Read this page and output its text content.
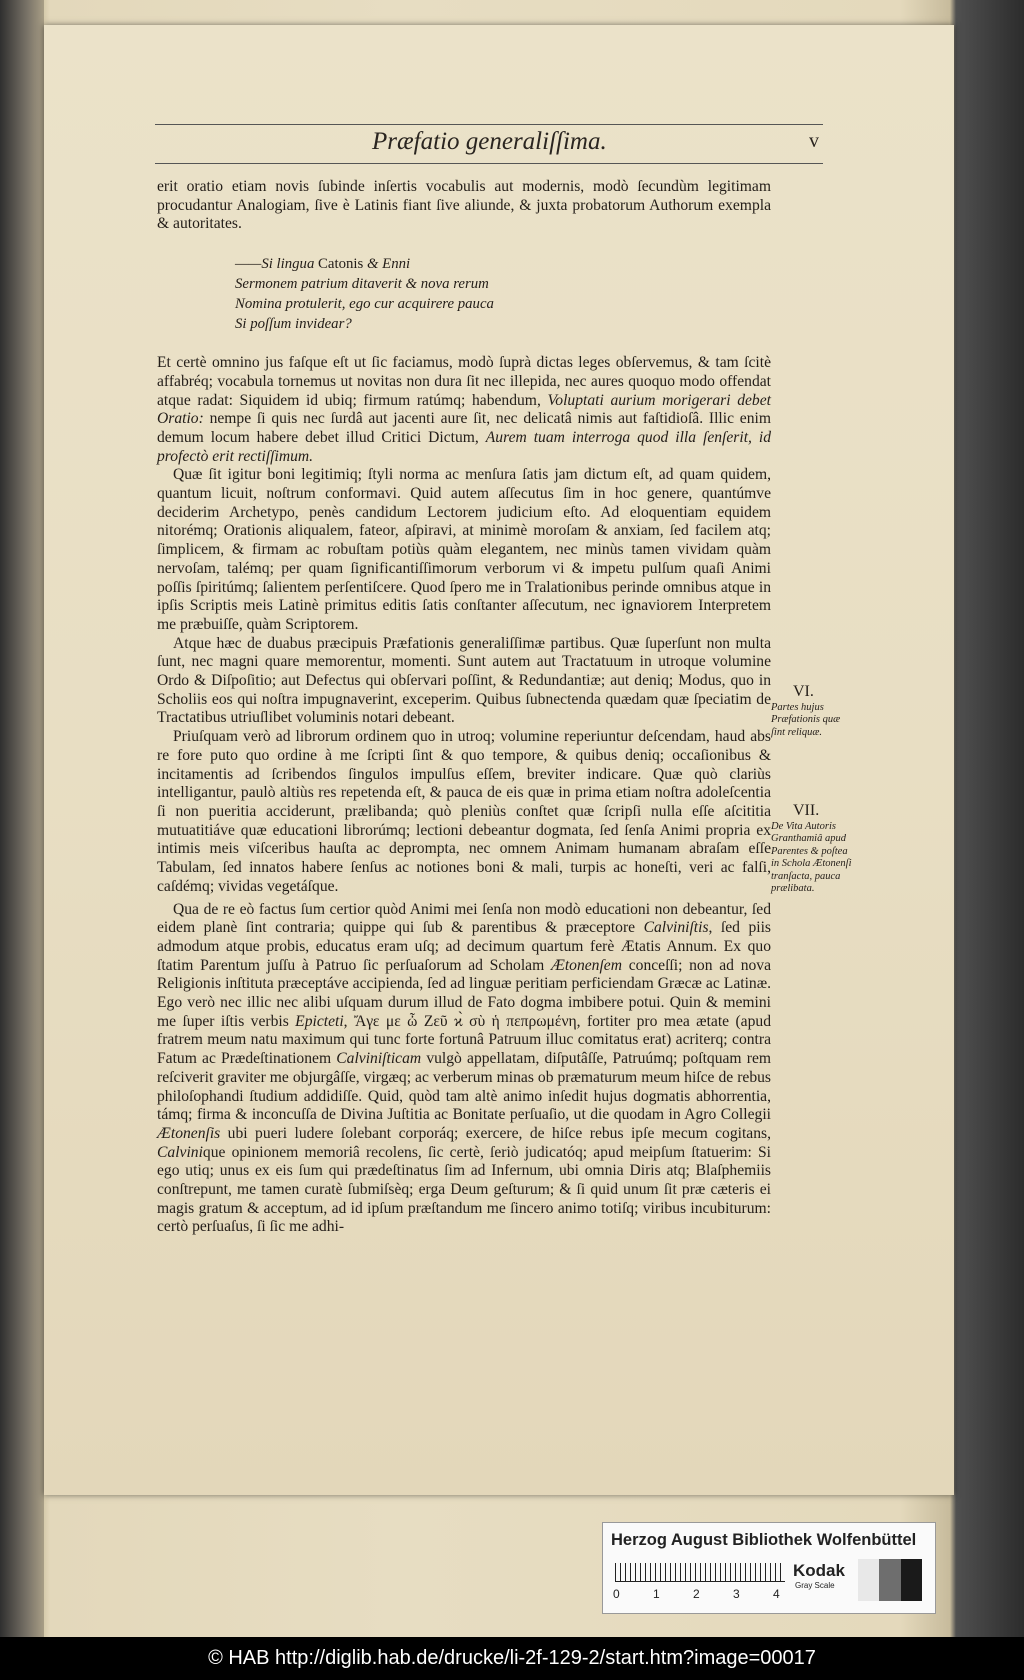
Præfatio generaliſſima.	v

erit oratio etiam novis ſubinde inſertis vocabulis aut modernis, modò ſecundùm legitimam procudantur Analogiam, ſive è Latinis fiant ſive aliunde, & juxta probatorum Authorum exempla & autoritates.

——Si lingua Catonis & Enni
Sermonem patrium ditaverit & nova rerum
Nomina protulerit, ego cur acquirere pauca
Si poſſum invidear?

Et certè omnino jus faſque eſt ut ſic faciamus, modò ſuprà dictas leges obſervemus, & tam ſcitè affabréq; vocabula tornemus ut novitas non dura ſit nec illepida, nec aures quoquo modo offendat atque radat: Siquidem id ubiq; firmum ratúmq; habendum, Voluptati aurium morigerari debet Oratio: nempe ſi quis nec ſurdâ aut jacenti aure ſit, nec delicatâ nimis aut faſtidioſâ. Illic enim demum locum habere debet illud Critici Dictum, Aurem tuam interroga quod illa ſenſerit, id profectò erit rectiſſimum.

Quæ ſit igitur boni legitimiq; ſtyli norma ac menſura ſatis jam dictum eſt, ad quam quidem, quantum licuit, noſtrum conformavi. Quid autem aſſecutus ſim in hoc genere, quantúmve deciderim Archetypo, penès candidum Lectorem judicium eſto. Ad eloquentiam equidem nitorémq; Orationis aliqualem, fateor, aſpiravi, at minimè moroſam & anxiam, ſed facilem atq; ſimplicem, & firmam ac robuſtam potiùs quàm elegantem, nec minùs tamen vividam quàm nervoſam, talémq; per quam ſignificantiſſimorum verborum vi & impetu pulſum quaſi Animi poſſis ſpiritúmq; ſalientem perſentiſcere. Quod ſpero me in Tralationibus perinde omnibus atque in ipſis Scriptis meis Latinè primitus editis ſatis conſtanter aſſecutum, nec ignaviorem Interpretem me præbuiſſe, quàm Scriptorem.

Atque hæc de duabus præcipuis Præfationis generaliſſimæ partibus. Quæ ſuperſunt non multa ſunt, nec magni quare memorentur, momenti. Sunt autem aut Tractatuum in utroque volumine Ordo & Diſpoſitio; aut Defectus qui obſervari poſſint, & Redundantiæ; aut deniq; Modus, quo in Scholiis eos qui noſtra impugnaverint, exceperim. Quibus ſubnectenda quædam quæ ſpeciatim de Tractatibus utriuſlibet voluminis notari debeant.

Priuſquam verò ad librorum ordinem quo in utroq; volumine reperiuntur deſcendam, haud abs re fore puto quo ordine à me ſcripti ſint & quo tempore, & quibus deniq; occaſionibus & incitamentis ad ſcribendos ſingulos impulſus eſſem, breviter indicare. Quæ quò clariùs intelligantur, paulò altiùs res repetenda eſt, & pauca de eis quæ in prima etiam noſtra adoleſcentia ſi non pueritia acciderunt, prælibanda; quò pleniùs conſtet quæ ſcripſi nulla eſſe aſcititia mutuatitiáve quæ educationi librorúmq; lectioni debeantur dogmata, ſed ſenſa Animi propria ex intimis meis viſceribus hauſta ac deprompta, nec omnem Animam humanam abraſam eſſe Tabulam, ſed innatos habere ſenſus ac notiones boni & mali, turpis ac honeſti, veri ac falſi, caſdémq; vividas vegetáſque.

Qua de re eò factus ſum certior quòd Animi mei ſenſa non modò educationi non debeantur, ſed eidem planè ſint contraria; quippe qui ſub & parentibus & præceptore Calviniſtis, ſed piis admodum atque probis, educatus eram uſq; ad decimum quartum ferè Ætatis Annum. Ex quo ſtatim Parentum juſſu à Patruo ſic perſuaſorum ad Scholam Ætonenſem conceſſi; non ad nova Religionis inſtituta præceptáve accipienda, ſed ad linguæ peritiam perficiendam Græcæ ac Latinæ. Ego verò nec illic nec alibi uſquam durum illud de Fato dogma imbibere potui. Quin & memini me ſuper iſtis verbis Epicteti, Ἄγε με ὦ Ζεῦ ϰ̀ σὺ ἡ πεπρωμένη, fortiter pro mea ætate (apud fratrem meum natu maximum qui tunc forte fortunâ Patruum illuc comitatus erat) acriterq; contra Fatum ac Prædeſtinationem Calviniſticam vulgò appellatam, diſputâſſe, Patruúmq; poſtquam rem reſciverit graviter me objurgâſſe, virgæq; ac verberum minas ob præmaturum meum hiſce de rebus philoſophandi ſtudium addidiſſe. Quid, quòd tam altè animo inſedit hujus dogmatis abhorrentia, támq; firma & inconcuſſa de Divina Juſtitia ac Bonitate perſuaſio, ut die quodam in Agro Collegii Ætonenſis ubi pueri ludere ſolebant corporáq; exercere, de hiſce rebus ipſe mecum cogitans, Calvinique opinionem memoriâ recolens, ſic certè, ſeriò judicatóq; apud meipſum ſtatuerim: Si ego utiq; unus ex eis ſum qui prædeſtinatus ſim ad Infernum, ubi omnia Diris atq; Blaſphemiis conſtrepunt, me tamen curatè ſubmiſsèq; erga Deum geſturum; & ſi quid unum ſit præ cæteris ei magis gratum & acceptum, ad id ipſum præſtandum me ſincero animo totiſq; viribus incubiturum: certò perſuaſus, ſi ſic me adhi-

VI.
Partes hujus Præfationis quæ ſint reliquæ.
VII.
De Vita Autoris Granthamiâ apud Parentes & poſtea in Schola Ætonenſi tranſacta, pauca prælibata.
Herzog August Bibliothek Wolfenbüttel
0	1	2	3	4
Kodak
Gray Scale
© HAB http://diglib.hab.de/drucke/li-2f-129-2/start.htm?image=00017
